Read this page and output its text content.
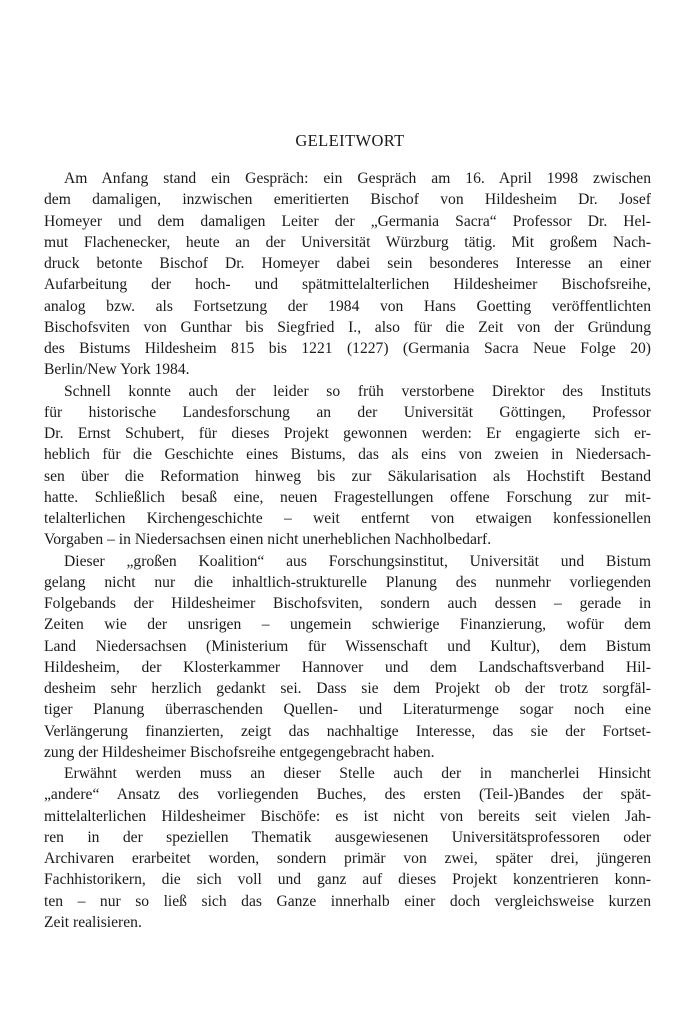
GELEITWORT
Am Anfang stand ein Gespräch: ein Gespräch am 16. April 1998 zwischen
dem damaligen, inzwischen emeritierten Bischof von Hildesheim Dr. Josef
Homeyer und dem damaligen Leiter der „Germania Sacra“ Professor Dr. Hel-
mut Flachenecker, heute an der Universität Würzburg tätig. Mit großem Nach-
druck betonte Bischof Dr. Homeyer dabei sein besonderes Interesse an einer
Aufarbeitung der hoch- und spätmittelalterlichen Hildesheimer Bischofsreihe,
analog bzw. als Fortsetzung der 1984 von Hans Goetting veröffentlichten
Bischofsviten von Gunthar bis Siegfried I., also für die Zeit von der Gründung
des Bistums Hildesheim 815 bis 1221 (1227) (Germania Sacra Neue Folge 20)
Berlin/New York 1984.
Schnell konnte auch der leider so früh verstorbene Direktor des Instituts
für historische Landesforschung an der Universität Göttingen, Professor
Dr. Ernst Schubert, für dieses Projekt gewonnen werden: Er engagierte sich er-
heblich für die Geschichte eines Bistums, das als eins von zweien in Niedersach-
sen über die Reformation hinweg bis zur Säkularisation als Hochstift Bestand
hatte. Schließlich besaß eine, neuen Fragestellungen offene Forschung zur mit-
telalterlichen Kirchengeschichte – weit entfernt von etwaigen konfessionellen
Vorgaben – in Niedersachsen einen nicht unerheblichen Nachholbedarf.
Dieser „großen Koalition“ aus Forschungsinstitut, Universität und Bistum
gelang nicht nur die inhaltlich-strukturelle Planung des nunmehr vorliegenden
Folgebands der Hildesheimer Bischofsviten, sondern auch dessen – gerade in
Zeiten wie der unsrigen – ungemein schwierige Finanzierung, wofür dem
Land Niedersachsen (Ministerium für Wissenschaft und Kultur), dem Bistum
Hildesheim, der Klosterkammer Hannover und dem Landschaftsverband Hil-
desheim sehr herzlich gedankt sei. Dass sie dem Projekt ob der trotz sorgfäl-
tiger Planung überraschenden Quellen- und Literaturmenge sogar noch eine
Verlängerung finanzierten, zeigt das nachhaltige Interesse, das sie der Fortset-
zung der Hildesheimer Bischofsreihe entgegengebracht haben.
Erwähnt werden muss an dieser Stelle auch der in mancherlei Hinsicht
„andere“ Ansatz des vorliegenden Buches, des ersten (Teil-)Bandes der spät-
mittelalterlichen Hildesheimer Bischöfe: es ist nicht von bereits seit vielen Jah-
ren in der speziellen Thematik ausgewiesenen Universitätsprofessoren oder
Archivaren erarbeitet worden, sondern primär von zwei, später drei, jüngeren
Fachhistorikern, die sich voll und ganz auf dieses Projekt konzentrieren konn-
ten – nur so ließ sich das Ganze innerhalb einer doch vergleichsweise kurzen
Zeit realisieren.
